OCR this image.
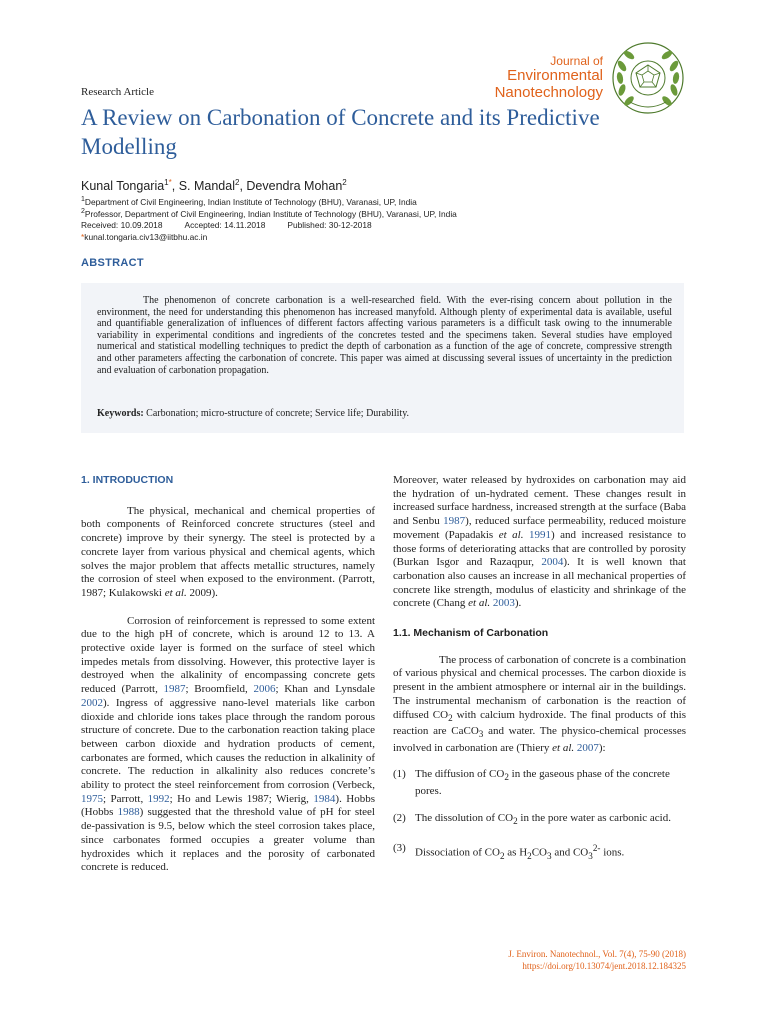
Journal of
Environmental
Nanotechnology
Research Article
A Review on Carbonation of Concrete and its Predictive Modelling
Kunal Tongaria$^{1*}$, S. Mandal$^2$, Devendra Mohan$^2$
$^1$Department of Civil Engineering, Indian Institute of Technology (BHU), Varanasi, UP, India
$^2$Professor, Department of Civil Engineering, Indian Institute of Technology (BHU), Varanasi, UP, India
Received: 10.09.2018	Accepted: 14.11.2018	Published: 30-12-2018
*kunal.tongaria.civ13@iitbhu.ac.in
ABSTRACT
The phenomenon of concrete carbonation is a well-researched field. With the ever-rising concern about pollution in the environment, the need for understanding this phenomenon has increased manyfold. Although plenty of experimental data is available, useful and quantifiable generalization of influences of different factors affecting various parameters is a difficult task owing to the innumerable variability in experimental conditions and ingredients of the concretes tested and the specimens taken. Several studies have employed numerical and statistical modelling techniques to predict the depth of carbonation as a function of the age of concrete, compressive strength and other parameters affecting the carbonation of concrete. This paper was aimed at discussing several issues of uncertainty in the prediction and evaluation of carbonation propagation.
Keywords: Carbonation; micro-structure of concrete; Service life; Durability.

1. INTRODUCTION

The physical, mechanical and chemical properties of both components of Reinforced concrete structures (steel and concrete) improve by their synergy. The steel is protected by a concrete layer from various physical and chemical agents, which solves the major problem that affects metallic structures, namely the corrosion of steel when exposed to the environment. (Parrott, 1987; Kulakowski et al. 2009).

Corrosion of reinforcement is repressed to some extent due to the high pH of concrete, which is around 12 to 13. A protective oxide layer is formed on the surface of steel which impedes metals from dissolving. However, this protective layer is destroyed when the alkalinity of encompassing concrete gets reduced (Parrott, 1987; Broomfield, 2006; Khan and Lynsdale 2002). Ingress of aggressive nano-level materials like carbon dioxide and chloride ions takes place through the random porous structure of concrete. Due to the carbonation reaction taking place between carbon dioxide and hydration products of cement, carbonates are formed, which causes the reduction in alkalinity of concrete. The reduction in alkalinity also reduces concrete’s ability to protect the steel reinforcement from corrosion (Verbeck, 1975; Parrott, 1992; Ho and Lewis 1987; Wierig, 1984). Hobbs (Hobbs 1988) suggested that the threshold value of pH for steel de-passivation is 9.5, below which the steel corrosion takes place, since carbonates formed occupies a greater volume than hydroxides which it replaces and the porosity of carbonated concrete is reduced.

Moreover, water released by hydroxides on carbonation may aid the hydration of un-hydrated cement. These changes result in increased surface hardness, increased strength at the surface (Baba and Senbu 1987), reduced surface permeability, reduced moisture movement (Papadakis et al. 1991) and increased resistance to those forms of deteriorating attacks that are controlled by porosity (Burkan Isgor and Razaqpur, 2004). It is well known that carbonation also causes an increase in all mechanical properties of concrete like strength, modulus of elasticity and shrinkage of the concrete (Chang et al. 2003).

1.1. Mechanism of Carbonation

The process of carbonation of concrete is a combination of various physical and chemical processes. The carbon dioxide is present in the ambient atmosphere or internal air in the buildings. The instrumental mechanism of carbonation is the reaction of diffused $CO_2$ with calcium hydroxide. The final products of this reaction are CaCO$_3$ and water. The physico-chemical processes involved in carbonation are (Thiery et al. 2007):

(1) The diffusion of $CO_2$ in the gaseous phase of the concrete pores.
(2) The dissolution of $CO_2$ in the pore water as carbonic acid.
(3) Dissociation of $CO_2$ as $H_2CO_3$ and $CO_3^{2-}$ ions.
J. Environ. Nanotechnol., Vol. 7(4), 75-90 (2018)
https://doi.org/10.13074/jent.2018.12.184325
